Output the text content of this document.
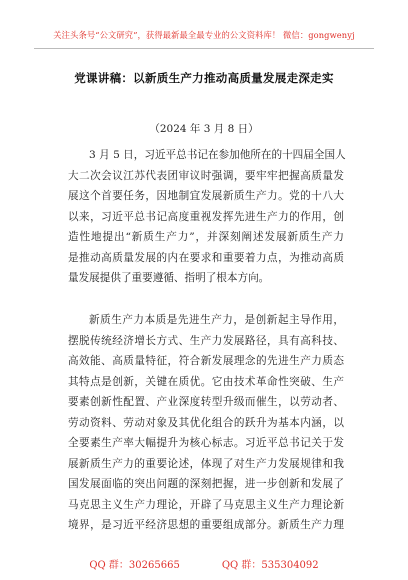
关注头条号“公文研究”，获得最新最全最专业的公文资料库！ 微信：gongwenyj
党课讲稿：以新质生产力推动高质量发展走深走实
（2024 年 3 月 8 日）
3 月 5 日，习近平总书记在参加他所在的十四届全国人
大二次会议江苏代表团审议时强调，要牢牢把握高质量发
展这个首要任务，因地制宜发展新质生产力。党的十八大
以来，习近平总书记高度重视发挥先进生产力的作用，创
造性地提出“新质生产力”，并深刻阐述发展新质生产力
是推动高质量发展的内在要求和重要着力点，为推动高质
量发展提供了重要遵循、指明了根本方向。
新质生产力本质是先进生产力，是创新起主导作用，
摆脱传统经济增长方式、生产力发展路径，具有高科技、
高效能、高质量特征，符合新发展理念的先进生产力质态
其特点是创新，关键在质优。它由技术革命性突破、生产
要素创新性配置、产业深度转型升级而催生，以劳动者、
劳动资料、劳动对象及其优化组合的跃升为基本内涵，以
全要素生产率大幅提升为核心标志。习近平总书记关于发
展新质生产力的重要论述，体现了对生产力发展规律和我
国发展面临的突出问题的深刻把握，进一步创新和发展了
马克思主义生产力理论，开辟了马克思主义生产力理论新
境界，是习近平经济思想的重要组成部分。新质生产力理
QQ 群：30265665	QQ 群：535304092
